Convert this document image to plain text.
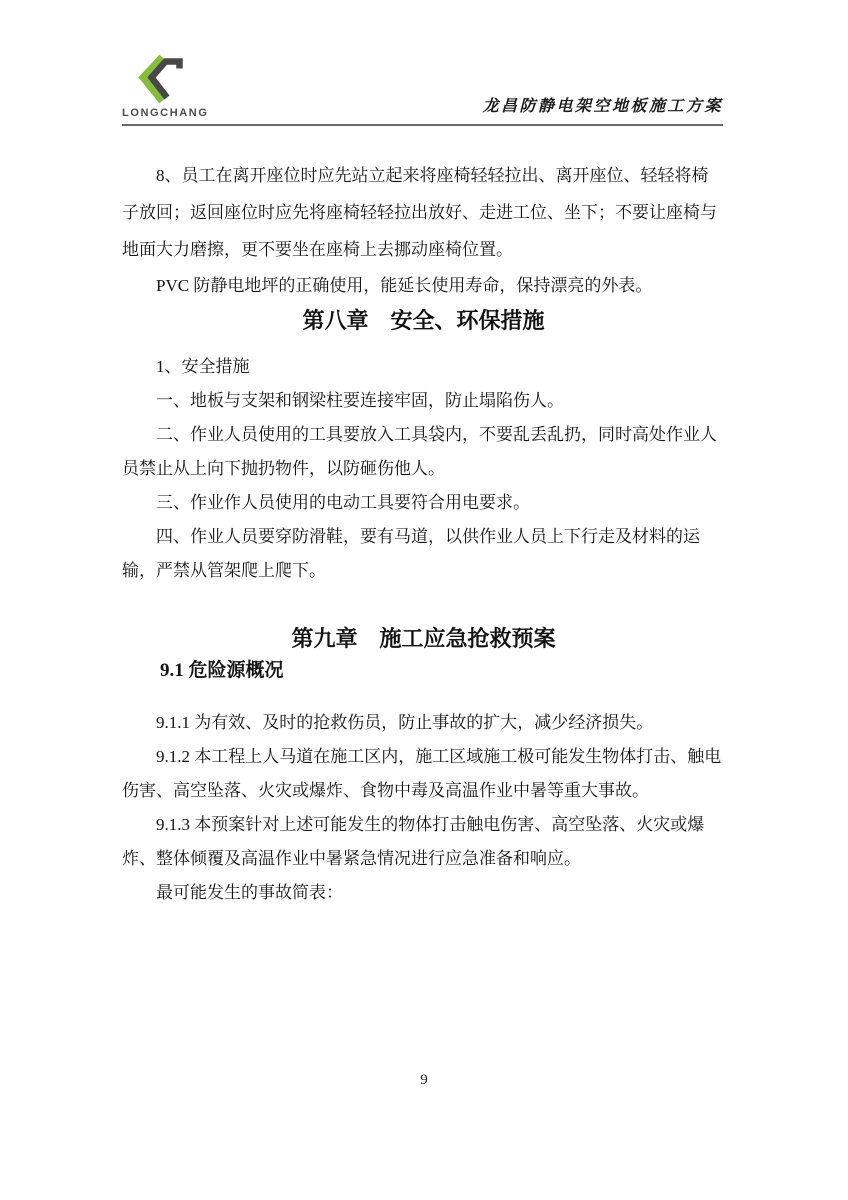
LONGCHANG	龙昌防静电架空地板施工方案

8、员工在离开座位时应先站立起来将座椅轻轻拉出、离开座位、轻轻将椅子放回；返回座位时应先将座椅轻轻拉出放好、走进工位、坐下；不要让座椅与地面大力磨擦，更不要坐在座椅上去挪动座椅位置。

PVC 防静电地坪的正确使用，能延长使用寿命，保持漂亮的外表。

第八章　安全、环保措施

1、安全措施

一、地板与支架和钢梁柱要连接牢固，防止塌陷伤人。

二、作业人员使用的工具要放入工具袋内，不要乱丢乱扔，同时高处作业人员禁止从上向下抛扔物件，以防砸伤他人。

三、作业作人员使用的电动工具要符合用电要求。

四、作业人员要穿防滑鞋，要有马道，以供作业人员上下行走及材料的运输，严禁从管架爬上爬下。

第九章　施工应急抢救预案

9.1 危险源概况

9.1.1 为有效、及时的抢救伤员，防止事故的扩大，减少经济损失。

9.1.2 本工程上人马道在施工区内，施工区域施工极可能发生物体打击、触电伤害、高空坠落、火灾或爆炸、食物中毒及高温作业中暑等重大事故。

9.1.3 本预案针对上述可能发生的物体打击触电伤害、高空坠落、火灾或爆炸、整体倾覆及高温作业中暑紧急情况进行应急准备和响应。

最可能发生的事故简表：

9
